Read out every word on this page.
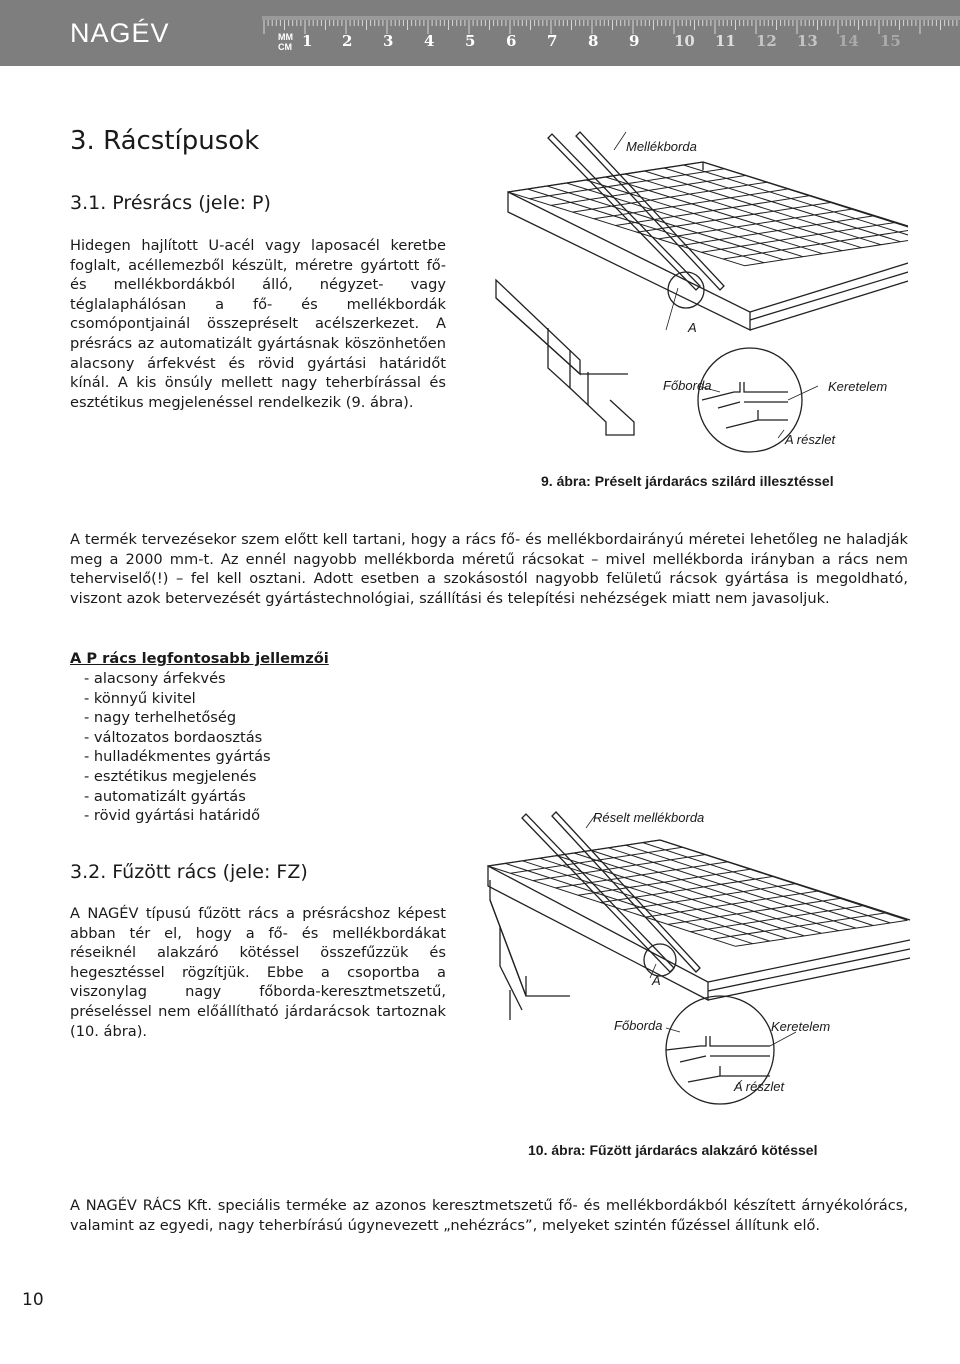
NAGÉV	MM
CM 1 2 3 4 5 6 7 8 9 10 11 12 13 14 15
3. Rácstípusok
3.1. Présrács (jele: P)

Hidegen hajlított U-acél vagy laposacél keretbe foglalt, acéllemezből készült, méretre gyártott fő- és mellékbordákból álló, négyzet- vagy téglalaphálósan a fő- és mellékbordák csomópontjainál összepréselt acélszerkezet. A présrács az automatizált gyártásnak köszönhetően alacsony árfekvést és rövid gyártási határidőt kínál. A kis önsúly mellett nagy teherbírással és esztétikus megjelenéssel rendelkezik (9. ábra).

Mellékborda
A
Főborda	Keretelem
A részlet
9. ábra: Préselt járdarács szilárd illesztéssel

A termék tervezésekor szem előtt kell tartani, hogy a rács fő- és mellékbordairányú méretei lehetőleg ne haladják meg a 2000 mm-t. Az ennél nagyobb mellékborda méretű rácsokat – mivel mellékborda irányban a rács nem teherviselő(!) – fel kell osztani. Adott esetben a szokásostól nagyobb felületű rácsok gyártása is megoldható, viszont azok betervezését gyártástechnológiai, szállítási és telepítési nehézségek miatt nem javasoljuk.

A P rács legfontosabb jellemzői
- alacsony árfekvés
- könnyű kivitel
- nagy terhelhetőség
- változatos bordaosztás
- hulladékmentes gyártás
- esztétikus megjelenés
- automatizált gyártás
- rövid gyártási határidő
3.2. Fűzött rács (jele: FZ)

A NAGÉV típusú fűzött rács a présrácshoz képest abban tér el, hogy a fő- és mellékbordákat réseiknél alakzáró kötéssel összefűzzük és hegesztéssel rögzítjük. Ebbe a csoportba a viszonylag nagy főborda-keresztmetszetű, préseléssel nem előállítható járdarácsok tartoznak (10. ábra).

Réselt mellékborda
A
Főborda	Keretelem
A részlet
10. ábra: Fűzött járdarács alakzáró kötéssel

A NAGÉV RÁCS Kft. speciális terméke az azonos keresztmetszetű fő- és mellékbordákból készített árnyékolórács, valamint az egyedi, nagy teherbírású úgynevezett „nehézrács”, melyeket szintén fűzéssel állítunk elő.

10
